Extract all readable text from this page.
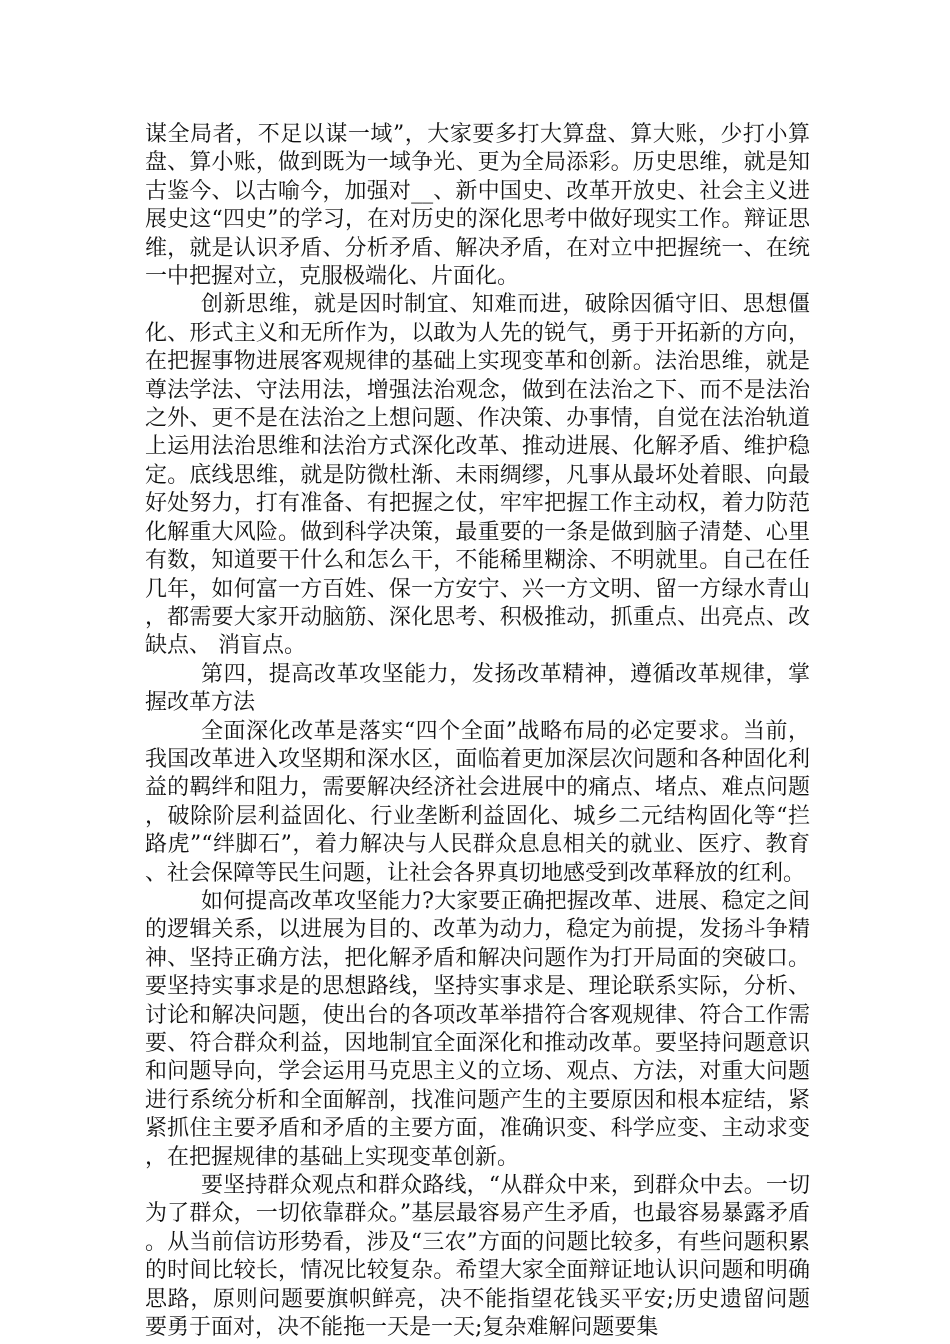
谋全局者，不足以谋一域”，大家要多打大算盘、算大账，少打小算盘、算小账，做到既为一域争光、更为全局添彩。历史思维，就是知古鉴今、以古喻今，加强对__、新中国史、改革开放史、社会主义进展史这“四史”的学习，在对历史的深化思考中做好现实工作。辩证思维，就是认识矛盾、分析矛盾、解决矛盾，在对立中把握统一、在统一中把握对立，克服极端化、片面化。

创新思维，就是因时制宜、知难而进，破除因循守旧、思想僵化、形式主义和无所作为，以敢为人先的锐气，勇于开拓新的方向，在把握事物进展客观规律的基础上实现变革和创新。法治思维，就是尊法学法、守法用法，增强法治观念，做到在法治之下、而不是法治之外、更不是在法治之上想问题、作决策、办事情，自觉在法治轨道上运用法治思维和法治方式深化改革、推动进展、化解矛盾、维护稳定。底线思维，就是防微杜渐、未雨绸缪，凡事从最坏处着眼、向最好处努力，打有准备、有把握之仗，牢牢把握工作主动权，着力防范化解重大风险。做到科学决策，最重要的一条是做到脑子清楚、心里有数，知道要干什么和怎么干，不能稀里糊涂、不明就里。自己在任几年，如何富一方百姓、保一方安宁、兴一方文明、留一方绿水青山，都需要大家开动脑筋、深化思考、积极推动，抓重点、出亮点、改缺点、 消盲点。

第四，提高改革攻坚能力，发扬改革精神，遵循改革规律，掌握改革方法

全面深化改革是落实“四个全面”战略布局的必定要求。当前，我国改革进入攻坚期和深水区，面临着更加深层次问题和各种固化利益的羁绊和阻力，需要解决经济社会进展中的痛点、堵点、难点问题，破除阶层利益固化、行业垄断利益固化、城乡二元结构固化等“拦路虎”“绊脚石”，着力解决与人民群众息息相关的就业、医疗、教育、社会保障等民生问题，让社会各界真切地感受到改革释放的红利。

如何提高改革攻坚能力?大家要正确把握改革、进展、稳定之间的逻辑关系，以进展为目的、改革为动力，稳定为前提，发扬斗争精神、坚持正确方法，把化解矛盾和解决问题作为打开局面的突破口。要坚持实事求是的思想路线，坚持实事求是、理论联系实际，分析、讨论和解决问题，使出台的各项改革举措符合客观规律、符合工作需要、符合群众利益，因地制宜全面深化和推动改革。要坚持问题意识和问题导向，学会运用马克思主义的立场、观点、方法，对重大问题进行系统分析和全面解剖，找准问题产生的主要原因和根本症结，紧紧抓住主要矛盾和矛盾的主要方面，准确识变、科学应变、主动求变，在把握规律的基础上实现变革创新。

要坚持群众观点和群众路线，“从群众中来，到群众中去。一切为了群众，一切依靠群众。”基层最容易产生矛盾，也最容易暴露矛盾。从当前信访形势看，涉及“三农”方面的问题比较多，有些问题积累的时间比较长，情况比较复杂。希望大家全面辩证地认识问题和明确思路，原则问题要旗帜鲜亮，决不能指望花钱买平安;历史遗留问题要勇于面对，决不能拖一天是一天;复杂难解问题要集
